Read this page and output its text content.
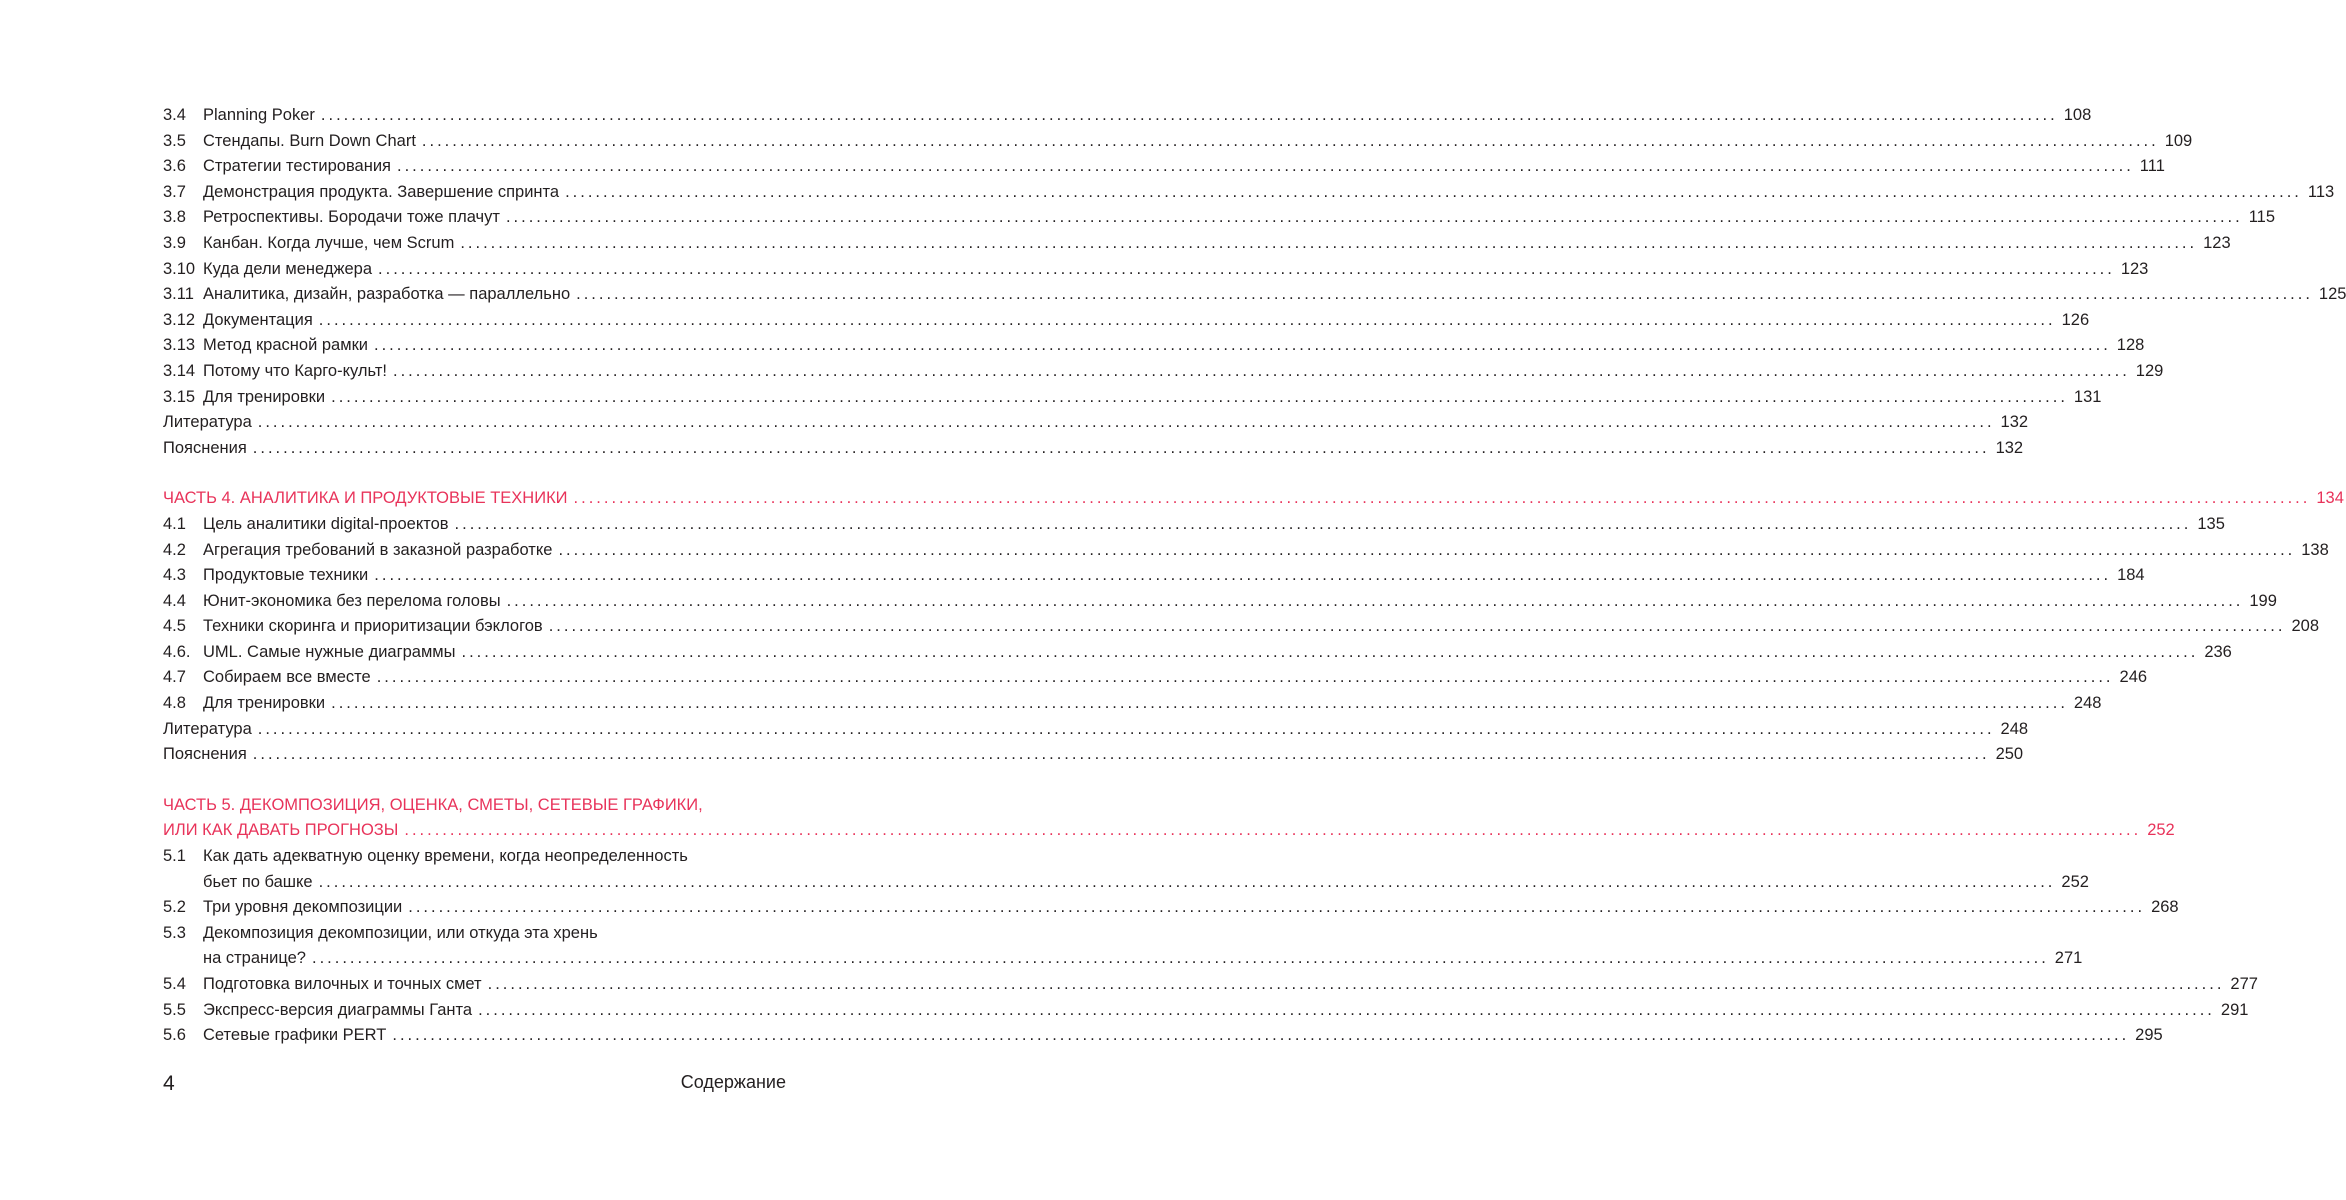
3.4	Planning Poker .....	108
3.5	Стендапы. Burn Down Chart .....	109
3.6	Стратегии тестирования .....	111
3.7	Демонстрация продукта. Завершение спринта .....	113
3.8	Ретроспективы. Бородачи тоже плачут .....	115
3.9	Канбан. Когда лучше, чем Scrum .....	123
3.10 Куда дели менеджера .....	123
3.11 Аналитика, дизайн, разработка — параллельно .....	125
3.12 Документация .....	126
3.13 Метод красной рамки .....	128
3.14 Потому что Карго-культ! .....	129
3.15 Для тренировки .....	131
Литература .....	132
Пояснения .....	132
ЧАСТЬ 4. АНАЛИТИКА И ПРОДУКТОВЫЕ ТЕХНИКИ .....	134
4.1	Цель аналитики digital-проектов .....	135
4.2	Агрегация требований в заказной разработке .....	138
4.3	Продуктовые техники .....	184
4.4	Юнит-экономика без перелома головы .....	199
4.5	Техники скоринга и приоритизации бэклогов .....	208
4.6. UML. Самые нужные диаграммы .....	236
4.7	Собираем все вместе .....	246
4.8	Для тренировки .....	248
Литература .....	248
Пояснения .....	250
ЧАСТЬ 5. ДЕКОМПОЗИЦИЯ, ОЦЕНКА, СМЕТЫ, СЕТЕВЫЕ ГРАФИКИ,
ИЛИ КАК ДАВАТЬ ПРОГНОЗЫ .....	252
5.1	Как дать адекватную оценку времени, когда неопределенность
бьет по башке .....	252
5.2	Три уровня декомпозиции .....	268
5.3	Декомпозиция декомпозиции, или откуда эта хрень
на странице? .....	271
5.4	Подготовка вилочных и точных смет .....	277
5.5	Экспресс-версия диаграммы Ганта .....	291
5.6	Сетевые графики PERT .....	295
4	Содержание
